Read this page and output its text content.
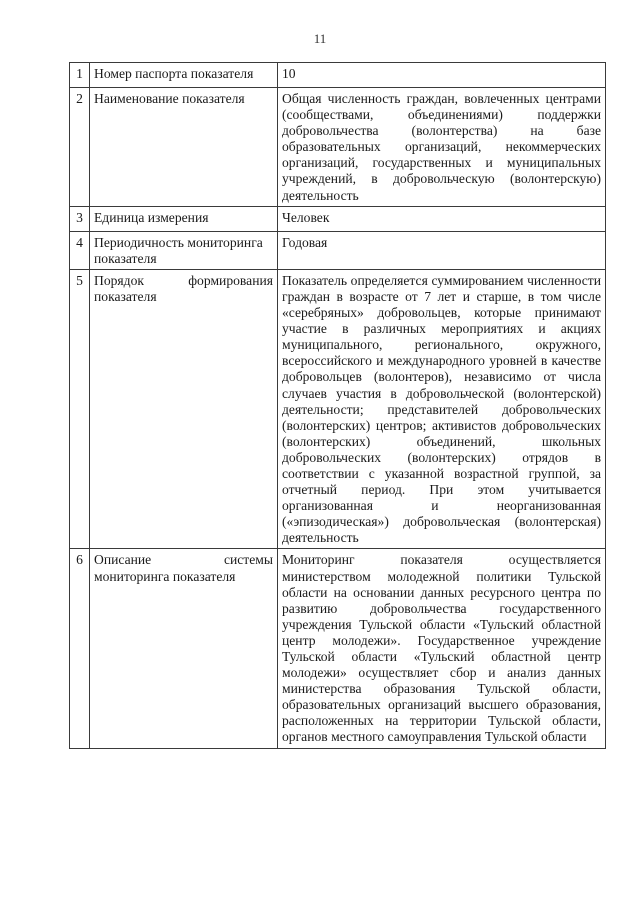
11
1	Номер паспорта показателя	10
2	Наименование показателя	Общая численность граждан, вовлеченных центрами (сообществами, объединениями) поддержки добровольчества (волонтерства) на базе образовательных организаций, некоммерческих организаций, государственных и муниципальных учреждений, в добровольческую (волонтерскую) деятельность
3	Единица измерения	Человек
4	Периодичность мониторинга показателя	Годовая
5	Порядок формирования показателя	Показатель определяется суммированием численности граждан в возрасте от 7 лет и старше, в том числе «серебряных» добровольцев, которые принимают участие в различных мероприятиях и акциях муниципального, регионального, окружного, всероссийского и международного уровней в качестве добровольцев (волонтеров), независимо от числа случаев участия в добровольческой (волонтерской) деятельности; представителей добровольческих (волонтерских) центров; активистов добровольческих (волонтерских) объединений, школьных добровольческих (волонтерских) отрядов в соответствии с указанной возрастной группой, за отчетный период. При этом учитывается организованная и неорганизованная («эпизодическая») добровольческая (волонтерская) деятельность
6	Описание системы мониторинга показателя	Мониторинг показателя осуществляется министерством молодежной политики Тульской области на основании данных ресурсного центра по развитию добровольчества государственного учреждения Тульской области «Тульский областной центр молодежи». Государственное учреждение Тульской области «Тульский областной центр молодежи» осуществляет сбор и анализ данных министерства образования Тульской области, образовательных организаций высшего образования, расположенных на территории Тульской области, органов местного самоуправления Тульской области
